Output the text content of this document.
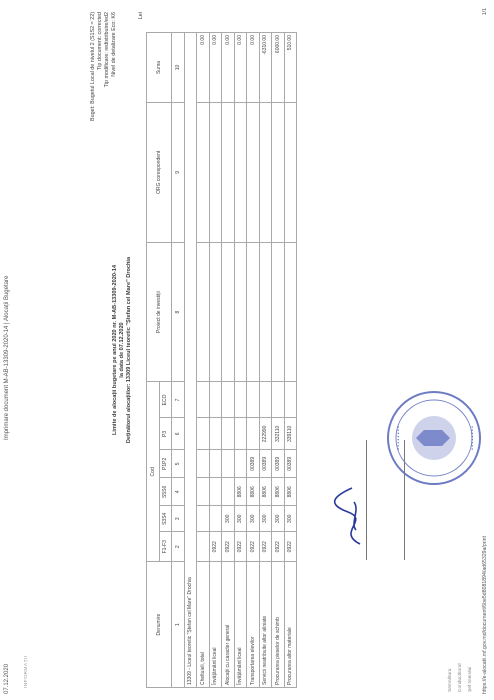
07.12.2020
Imprimare document M-AB-13309-2020-14 | Alocații Bugetare
INFORMAȚII
Buget: Bugetul Local de nivelul 2 (S1S2 = 22) Tip document: corrected Tip modificare: redistribuire/ed2 Nivel de detalizare Eco: K6
Limite de alocații bugetare pe anul 2020 nr. M-AB-13309-2020-14 la data de 07.12.2020 Deținătorul alocațiilor: 13309 Liceul teoretic "Ștefan cel Mare" Drochia
Lei
Denumire	Cod						Proiect de investiții	ORG corespondent	Suma
	F1-F3	S3S4	S5S6	P1P2	P3	ECO			
1	2	3	4	5	6	7	8	9	10
13309 - Liceul teoretic "Ștefan cel Mare" Drochia									
Cheltuieli, total									0.00
Învățământ liceal	0922								0.00
Alocații cu caracter general	0922	300							0.00
Învățământ liceal	0922	300	8806						0.00
Transportarea elevilor	0922	300	8806	00389					0.00
Servicii neatribuite altor aliniate	0922	300	8806	00389	222990				-6310.00
Procurarea pieselor de schimb	0922	300	8806	00389	332110				6000.00
Procurarea altor materiale	0922	300	8806	00389	339110				510.00
• • • • • • • •	• • • • • • • •
Semnătura Conducătorul Șef tinerului https://e-alocatii.mf.gov.md/document/6be5d8081894/ad65329a/print
1/1
